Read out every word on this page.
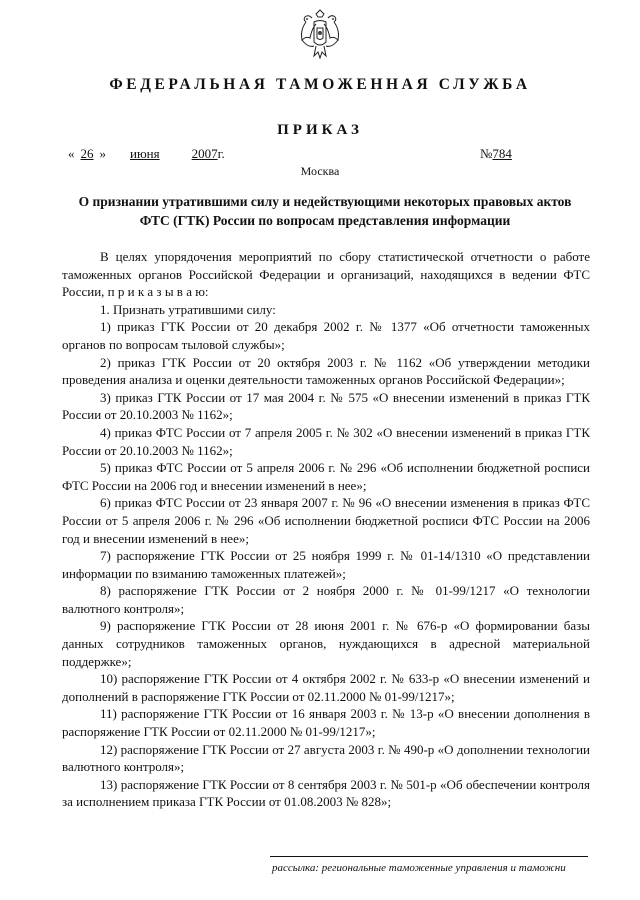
ФЕДЕРАЛЬНАЯ ТАМОЖЕННАЯ СЛУЖБА
ПРИКАЗ
« 26 » июня 2007г.	№784
Москва
О признании утратившими силу и недействующими некоторых правовых актов ФТС (ГТК) России по вопросам представления информации

В целях упорядочения мероприятий по сбору статистической отчетности о работе таможенных органов Российской Федерации и организаций, находящихся в ведении ФТС России, п р и к а з ы в а ю:

1. Признать утратившими силу:

1) приказ ГТК России от 20 декабря 2002 г. № 1377 «Об отчетности таможенных органов по вопросам тыловой службы»;

2) приказ ГТК России от 20 октября 2003 г. № 1162 «Об утверждении методики проведения анализа и оценки деятельности таможенных органов Российской Федерации»;

3) приказ ГТК России от 17 мая 2004 г. № 575 «О внесении изменений в приказ ГТК России от 20.10.2003 № 1162»;

4) приказ ФТС России от 7 апреля 2005 г. № 302 «О внесении изменений в приказ ГТК России от 20.10.2003 № 1162»;

5) приказ ФТС России от 5 апреля 2006 г. № 296 «Об исполнении бюджетной росписи ФТС России на 2006 год и внесении изменений в нее»;

6) приказ ФТС России от 23 января 2007 г. № 96 «О внесении изменения в приказ ФТС России от 5 апреля 2006 г. № 296 «Об исполнении бюджетной росписи ФТС России на 2006 год и внесении изменений в нее»;

7) распоряжение ГТК России от 25 ноября 1999 г. № 01-14/1310 «О представлении информации по взиманию таможенных платежей»;

8) распоряжение ГТК России от 2 ноября 2000 г. № 01-99/1217 «О технологии валютного контроля»;

9) распоряжение ГТК России от 28 июня 2001 г. № 676-р «О формировании базы данных сотрудников таможенных органов, нуждающихся в адресной материальной поддержке»;

10) распоряжение ГТК России от 4 октября 2002 г. № 633-р «О внесении изменений и дополнений в распоряжение ГТК России от 02.11.2000 № 01-99/1217»;

11) распоряжение ГТК России от 16 января 2003 г. № 13-р «О внесении дополнения в распоряжение ГТК России от 02.11.2000 № 01-99/1217»;

12) распоряжение ГТК России от 27 августа 2003 г. № 490-р «О дополнении технологии валютного контроля»;

13) распоряжение ГТК России от 8 сентября 2003 г. № 501-р «Об обеспечении контроля за исполнением приказа ГТК России от 01.08.2003 № 828»;

рассылка: региональные таможенные управления и таможни
